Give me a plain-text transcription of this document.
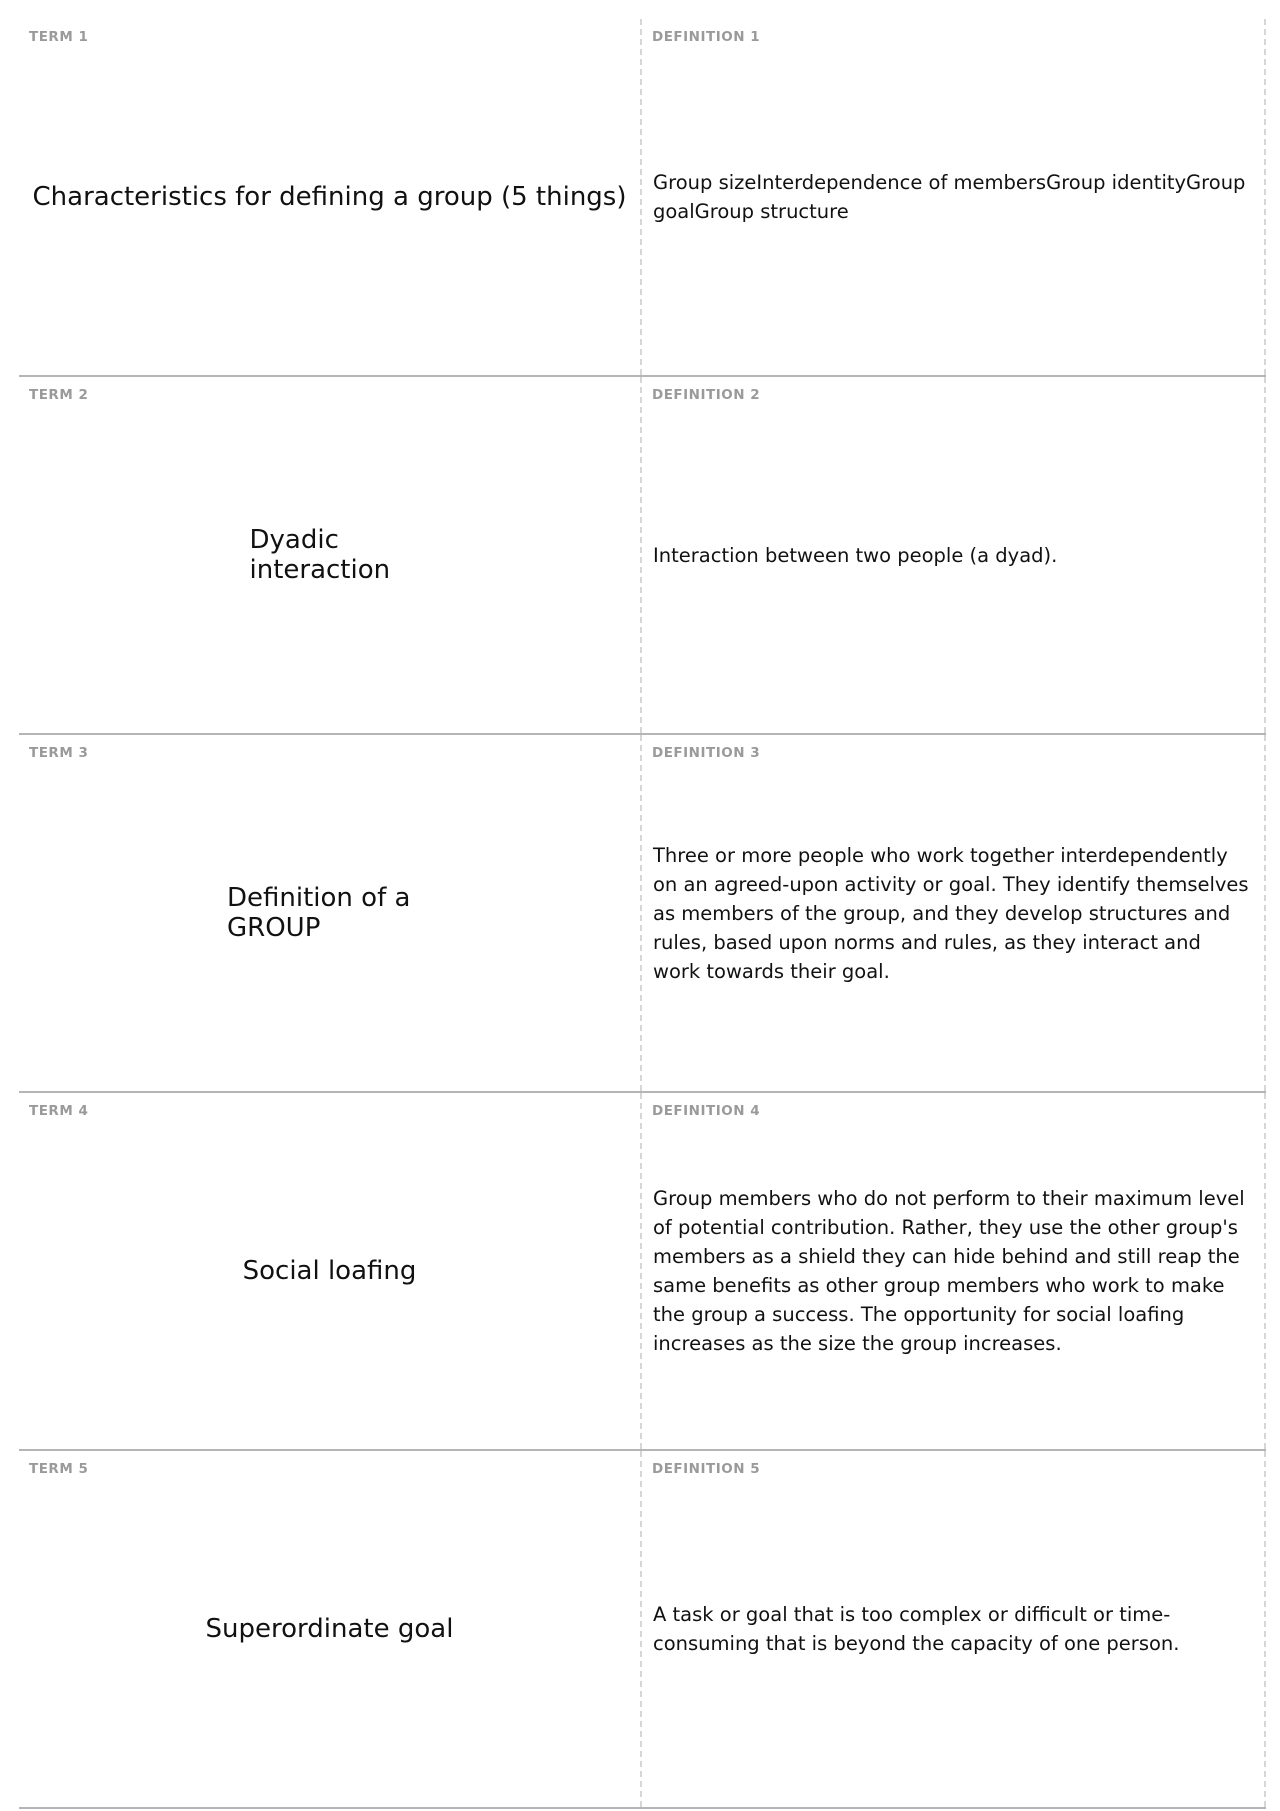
TERM 1
Characteristics for defining a group (5 things)
DEFINITION 1
Group sizeInterdependence of membersGroup identityGroup goalGroup structure
TERM 2
Dyadic interaction
DEFINITION 2
Interaction between two people (a dyad).
TERM 3
Definition of a GROUP
DEFINITION 3
Three or more people who work together interdependently on an agreed-upon activity or goal. They identify themselves as members of the group, and they develop structures and rules, based upon norms and rules, as they interact and work towards their goal.
TERM 4
Social loafing
DEFINITION 4
Group members who do not perform to their maximum level of potential contribution. Rather, they use the other group's members as a shield they can hide behind and still reap the same benefits as other group members who work to make the group a success. The opportunity for social loafing increases as the size the group increases.
TERM 5
Superordinate goal
DEFINITION 5
A task or goal that is too complex or difficult or time-consuming that is beyond the capacity of one person.
